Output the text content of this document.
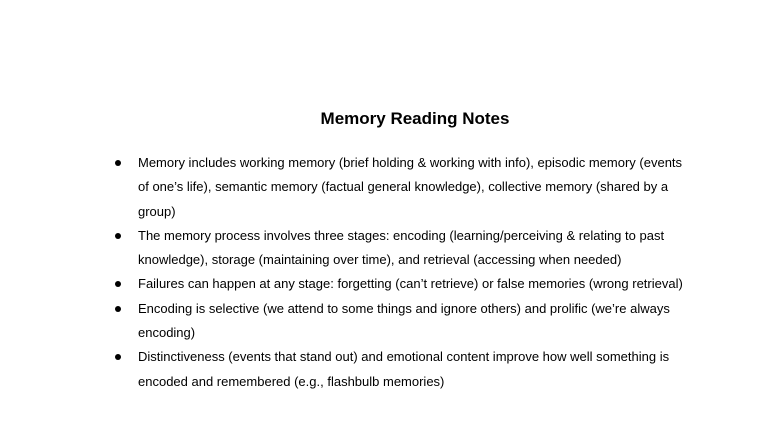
Memory Reading Notes
Memory includes working memory (brief holding & working with info), episodic memory (events of one’s life), semantic memory (factual general knowledge), collective memory (shared by a group)
The memory process involves three stages: encoding (learning/perceiving & relating to past knowledge), storage (maintaining over time), and retrieval (accessing when needed)
Failures can happen at any stage: forgetting (can’t retrieve) or false memories (wrong retrieval)
Encoding is selective (we attend to some things and ignore others) and prolific (we’re always encoding)
Distinctiveness (events that stand out) and emotional content improve how well something is encoded and remembered (e.g., flashbulb memories)
